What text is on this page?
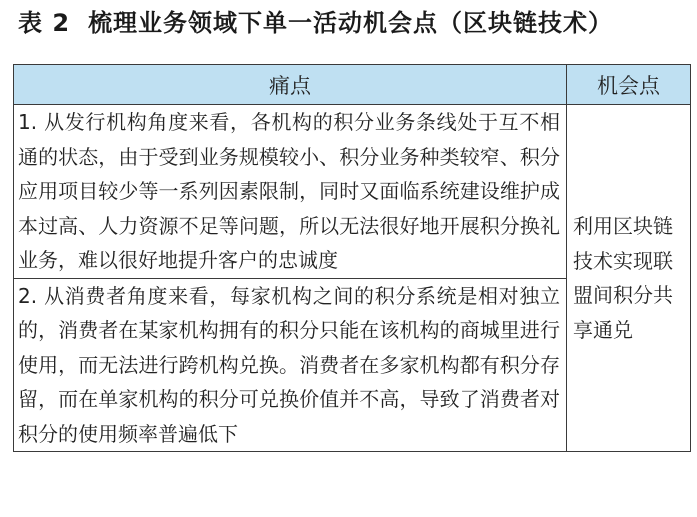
表 2 梳理业务领域下单一活动机会点（区块链技术）
痛点	机会点
1. 从发行机构角度来看，各机构的积分业务条线处于互不相通的状态，由于受到业务规模较小、积分业务种类较窄、积分应用项目较少等一系列因素限制，同时又面临系统建设维护成本过高、人力资源不足等问题，所以无法很好地开展积分换礼业务，难以很好地提升客户的忠诚度	利用区块链技术实现联盟间积分共享通兑
2. 从消费者角度来看，每家机构之间的积分系统是相对独立的，消费者在某家机构拥有的积分只能在该机构的商城里进行使用，而无法进行跨机构兑换。消费者在多家机构都有积分存留，而在单家机构的积分可兑换价值并不高，导致了消费者对积分的使用频率普遍低下	
